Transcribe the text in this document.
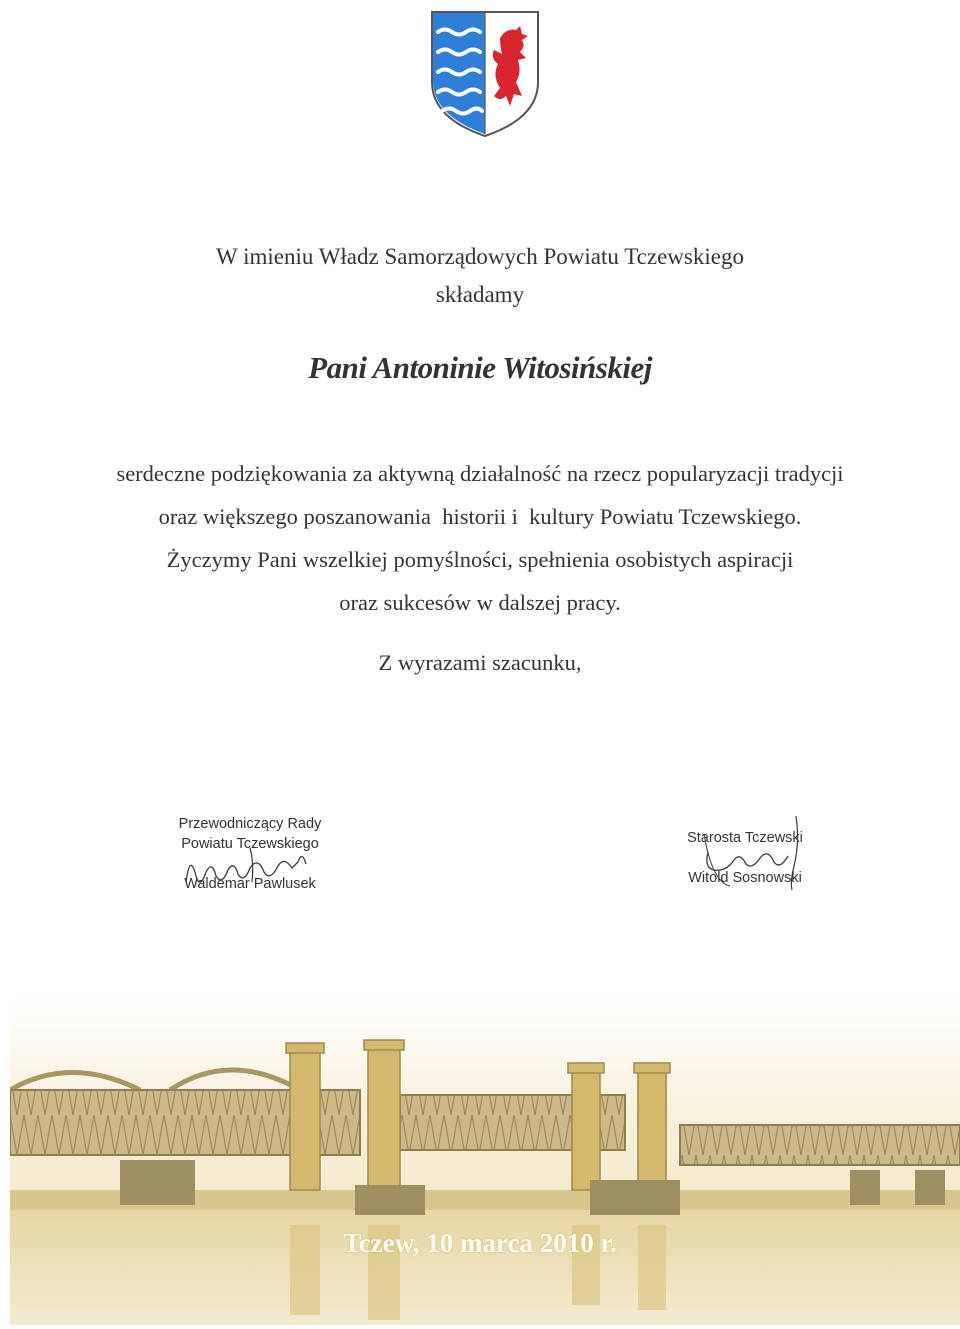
W imieniu Władz Samorządowych Powiatu Tczewskiego
składamy
Pani Antoninie Witosińskiej
serdeczne podziękowania za aktywną działalność na rzecz popularyzacji tradycji
oraz większego poszanowania  historii i  kultury Powiatu Tczewskiego.
Życzymy Pani wszelkiej pomyślności, spełnienia osobistych aspiracji
oraz sukcesów w dalszej pracy.
Z wyrazami szacunku,
Przewodniczący Rady
Powiatu Tczewskiego
Waldemar Pawlusek
Starosta Tczewski
Witold Sosnowski
Tczew, 10 marca 2010 r.
